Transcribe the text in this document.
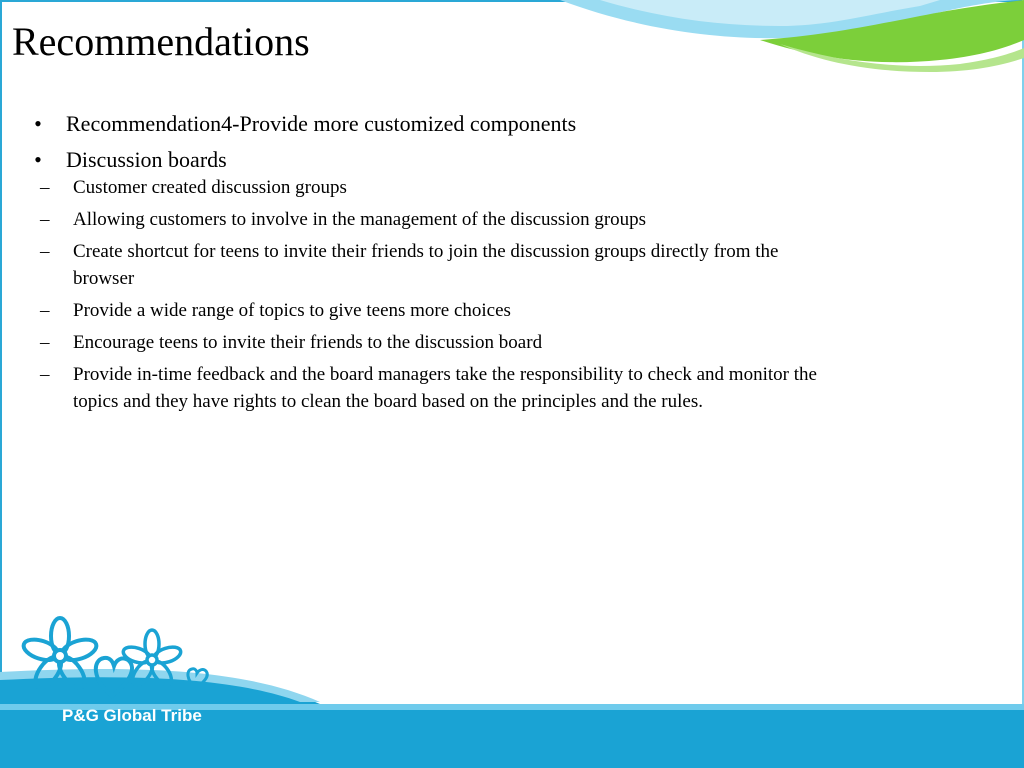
Recommendations
• Recommendation4-Provide more customized components
• Discussion boards
– Customer created discussion groups
– Allowing customers to involve in the management of the discussion groups
– Create shortcut for teens to invite their friends to join the discussion groups directly from the browser
– Provide a wide range of topics to give teens more choices
– Encourage teens to invite their friends to the discussion board
– Provide in-time feedback and the board managers take the responsibility to check and monitor the topics and they have rights to clean the board based on the principles and the rules.
P&G Global Tribe
